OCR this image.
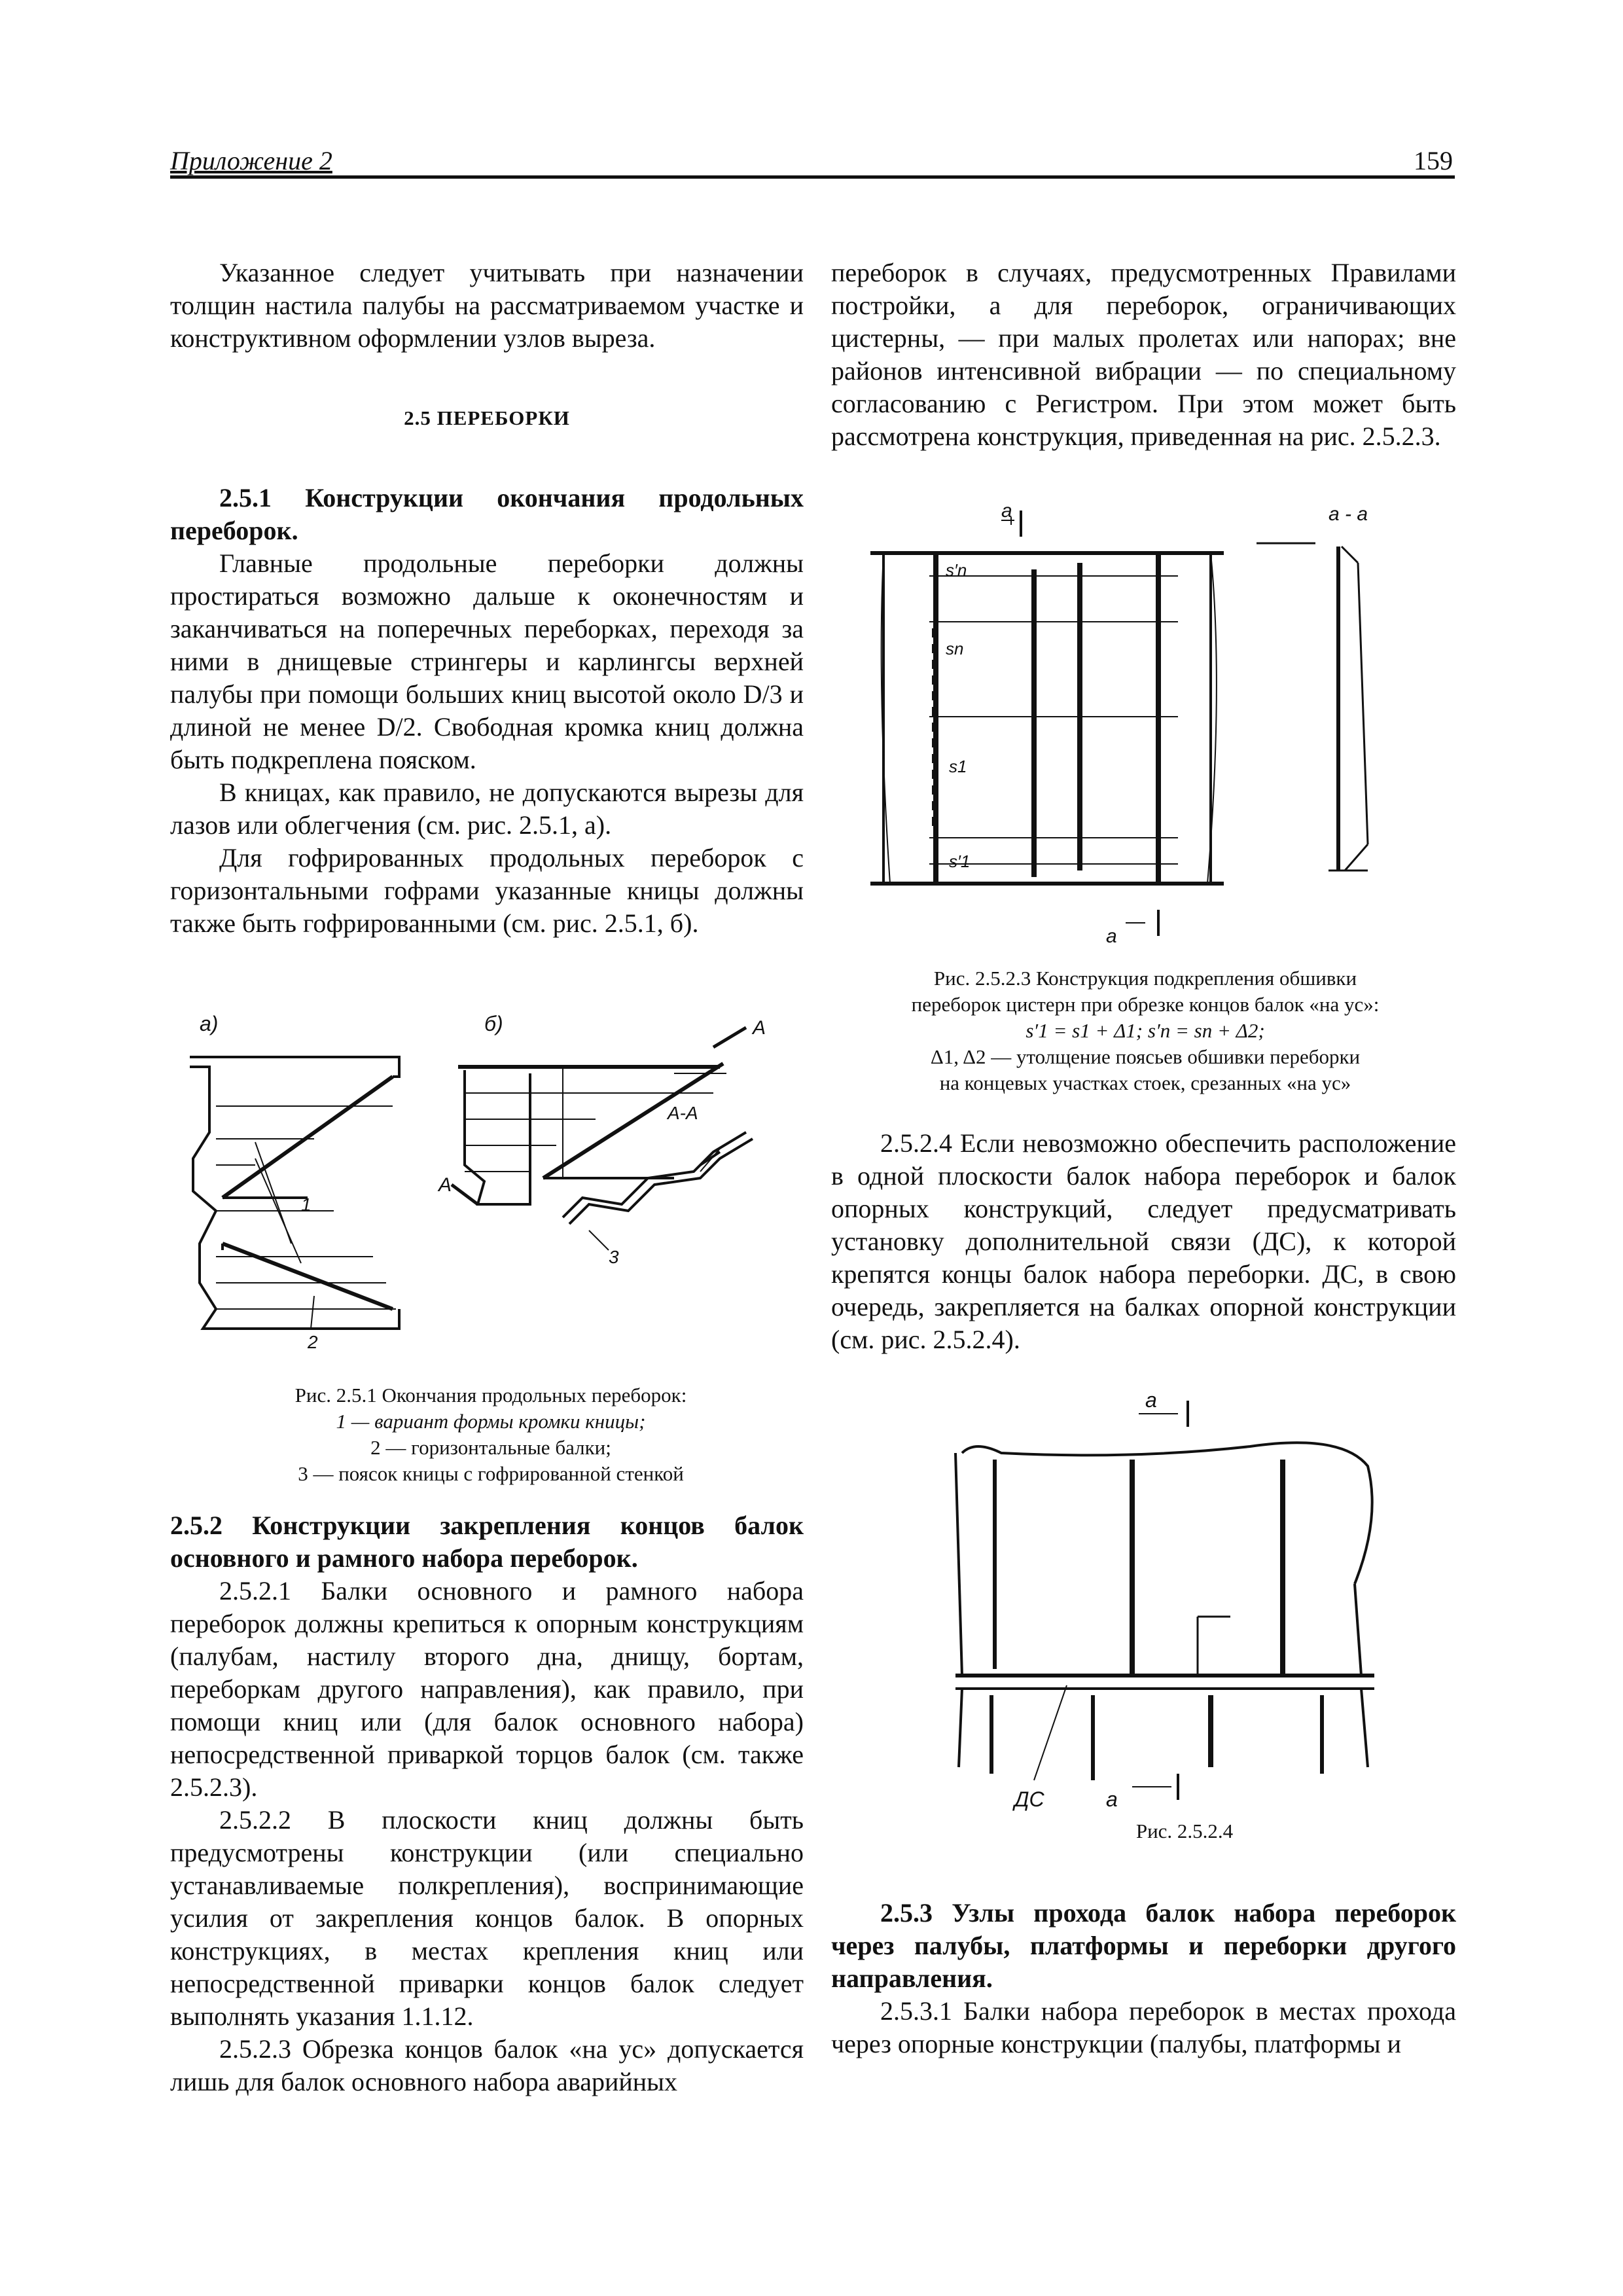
Приложение 2	159

Указанное следует учитывать при назначении толщин настила палубы на рассматриваемом участке и конструктивном оформлении узлов выреза.

2.5 ПЕРЕБОРКИ

2.5.1 Конструкции окончания продольных переборок.

Главные продольные переборки должны простираться возможно дальше к оконечностям и заканчиваться на поперечных переборках, переходя за ними в днищевые стрингеры и карлингсы верхней палубы при помощи больших книц высотой около D/3 и длиной не менее D/2. Свободная кромка книц должна быть подкреплена пояском.

В кницах, как правило, не допускаются вырезы для лазов или облегчения (см. рис. 2.5.1, а).

Для гофрированных продольных переборок с горизонтальными гофрами указанные кницы должны также быть гофрированными (см. рис. 2.5.1, б).

а)	б)
1
2
3
A
A
А-А
Рис. 2.5.1 Окончания продольных переборок:
1 — вариант формы кромки кницы;
2 — горизонтальные балки;
3 — поясок кницы с гофрированной стенкой

2.5.2 Конструкции закрепления концов балок основного и рамного набора переборок.

2.5.2.1 Балки основного и рамного набора переборок должны крепиться к опорным конструкциям (палубам, настилу второго дна, днищу, бортам, переборкам другого направления), как правило, при помощи книц или (для балок основного набора) непосредственной приваркой торцов балок (см. также 2.5.2.3).

2.5.2.2 В плоскости книц должны быть предусмотрены конструкции (или специально устанавливаемые полкрепления), воспринимающие усилия от закрепления концов балок. В опорных конструкциях, в местах крепления книц или непосредственной приварки концов балок следует выполнять указания 1.1.12.

2.5.2.3 Обрезка концов балок «на ус» допускается лишь для балок основного набора аварийных

переборок в случаях, предусмотренных Правилами постройки, а для переборок, ограничивающих цистерны, — при малых пролетах или напорах; вне районов интенсивной вибрации — по специальному согласованию с Регистром. При этом может быть рассмотрена конструкция, приведенная на рис. 2.5.2.3.

а	а - а
а
s′n
sn
s1
s′1
Рис. 2.5.2.3 Конструкция подкрепления обшивки
переборок цистерн при обрезке концов балок «на ус»:
s′1 = s1 + Δ1; s′n = sn + Δ2;
Δ1, Δ2 — утолщение поясьев обшивки переборки
на концевых участках стоек, срезанных «на ус»

2.5.2.4 Если невозможно обеспечить расположение в одной плоскости балок набора переборок и балок опорных конструкций, следует предусматривать установку дополнительной связи (ДС), к которой крепятся концы балок набора переборки. ДС, в свою очередь, закрепляется на балках опорной конструкции (см. рис. 2.5.2.4).

а
ДС	а
Рис. 2.5.2.4

2.5.3 Узлы прохода балок набора переборок через палубы, платформы и переборки другого направления.

2.5.3.1 Балки набора переборок в местах прохода через опорные конструкции (палубы, платформы и
